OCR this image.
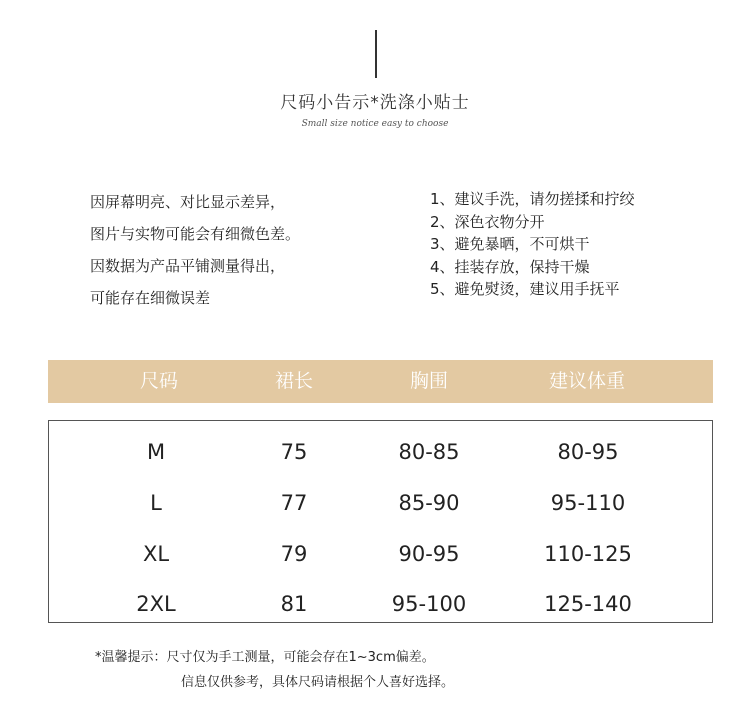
尺码小告示*洗涤小贴士
Small size notice easy to choose
因屏幕明亮、对比显示差异，
图片与实物可能会有细微色差。
因数据为产品平铺测量得出，
可能存在细微误差
1、建议手洗，请勿搓揉和拧绞
2、深色衣物分开
3、避免暴晒，不可烘干
4、挂装存放，保持干燥
5、避免熨烫，建议用手抚平
尺码	裙长	胸围	建议体重
M	75	80-85	80-95
L	77	85-90	95-110
XL	79	90-95	110-125
2XL	81	95-100	125-140
*温馨提示：尺寸仅为手工测量，可能会存在1~3cm偏差。
信息仅供参考，具体尺码请根据个人喜好选择。
